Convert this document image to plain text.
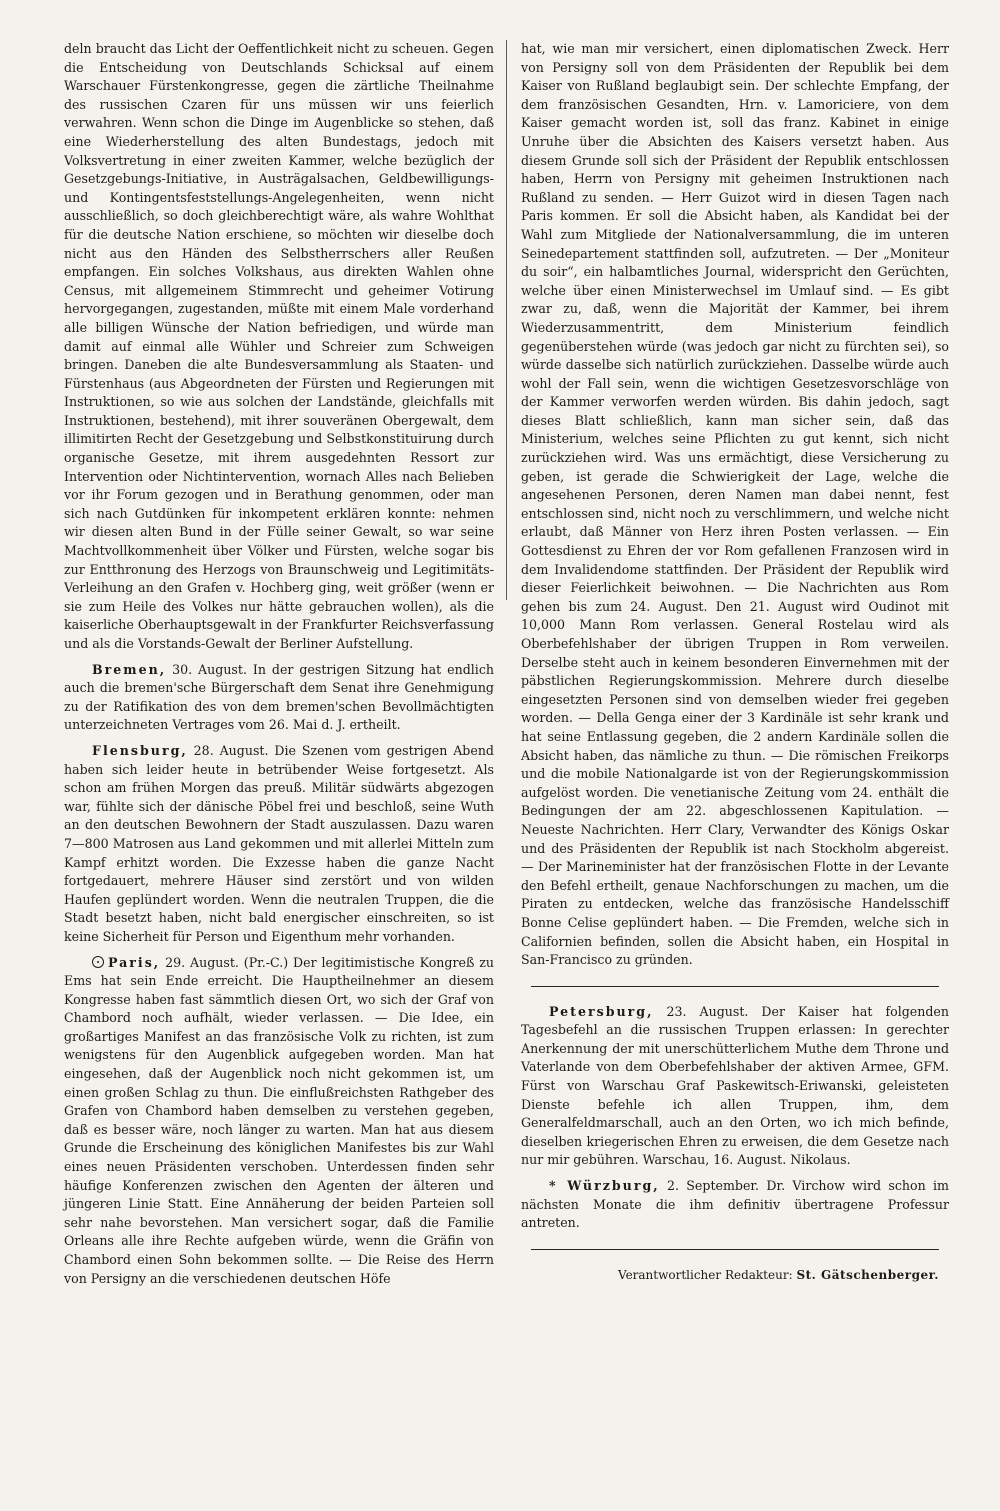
deln braucht das Licht der Oeffentlichkeit nicht zu scheuen. Gegen die Entscheidung von Deutschlands Schicksal auf einem Warschauer Fürstenkongresse, gegen die zärtliche Theilnahme des russischen Czaren für uns müssen wir uns feierlich verwahren. Wenn schon die Dinge im Augenblicke so stehen, daß eine Wiederherstellung des alten Bundestags, jedoch mit Volksvertretung in einer zweiten Kammer, welche bezüglich der Gesetzgebungs-Initiative, in Austrägalsachen, Geldbewilligungs- und Kontingentsfeststellungs-Angelegenheiten, wenn nicht ausschließlich, so doch gleichberechtigt wäre, als wahre Wohlthat für die deutsche Nation erschiene, so möchten wir dieselbe doch nicht aus den Händen des Selbstherrschers aller Reußen empfangen. Ein solches Volkshaus, aus direkten Wahlen ohne Census, mit allgemeinem Stimmrecht und geheimer Votirung hervorgegangen, zugestanden, müßte mit einem Male vorderhand alle billigen Wünsche der Nation befriedigen, und würde man damit auf einmal alle Wühler und Schreier zum Schweigen bringen. Daneben die alte Bundesversammlung als Staaten- und Fürstenhaus (aus Abgeordneten der Fürsten und Regierungen mit Instruktionen, so wie aus solchen der Landstände, gleichfalls mit Instruktionen, bestehend), mit ihrer souveränen Obergewalt, dem illimitirten Recht der Gesetzgebung und Selbstkonstituirung durch organische Gesetze, mit ihrem ausgedehnten Ressort zur Intervention oder Nichtintervention, wornach Alles nach Belieben vor ihr Forum gezogen und in Berathung genommen, oder man sich nach Gutdünken für inkompetent erklären konnte: nehmen wir diesen alten Bund in der Fülle seiner Gewalt, so war seine Machtvollkommenheit über Völker und Fürsten, welche sogar bis zur Entthronung des Herzogs von Braunschweig und Legitimitäts-Verleihung an den Grafen v. Hochberg ging, weit größer (wenn er sie zum Heile des Volkes nur hätte gebrauchen wollen), als die kaiserliche Oberhauptsgewalt in der Frankfurter Reichsverfassung und als die Vorstands-Gewalt der Berliner Aufstellung.

Bremen, 30. August. In der gestrigen Sitzung hat endlich auch die bremen'sche Bürgerschaft dem Senat ihre Genehmigung zu der Ratifikation des von dem bremen'schen Bevollmächtigten unterzeichneten Vertrages vom 26. Mai d. J. ertheilt.

Flensburg, 28. August. Die Szenen vom gestrigen Abend haben sich leider heute in betrübender Weise fortgesetzt. Als schon am frühen Morgen das preuß. Militär südwärts abgezogen war, fühlte sich der dänische Pöbel frei und beschloß, seine Wuth an den deutschen Bewohnern der Stadt auszulassen. Dazu waren 7—800 Matrosen aus Land gekommen und mit allerlei Mitteln zum Kampf erhitzt worden. Die Exzesse haben die ganze Nacht fortgedauert, mehrere Häuser sind zerstört und von wilden Haufen geplündert worden. Wenn die neutralen Truppen, die die Stadt besetzt haben, nicht bald energischer einschreiten, so ist keine Sicherheit für Person und Eigenthum mehr vorhanden.

Paris, 29. August. (Pr.-C.) Der legitimistische Kongreß zu Ems hat sein Ende erreicht. Die Hauptheilnehmer an diesem Kongresse haben fast sämmtlich diesen Ort, wo sich der Graf von Chambord noch aufhält, wieder verlassen. — Die Idee, ein großartiges Manifest an das französische Volk zu richten, ist zum wenigstens für den Augenblick aufgegeben worden. Man hat eingesehen, daß der Augenblick noch nicht gekommen ist, um einen großen Schlag zu thun. Die einflußreichsten Rathgeber des Grafen von Chambord haben demselben zu verstehen gegeben, daß es besser wäre, noch länger zu warten. Man hat aus diesem Grunde die Erscheinung des königlichen Manifestes bis zur Wahl eines neuen Präsidenten verschoben. Unterdessen finden sehr häufige Konferenzen zwischen den Agenten der älteren und jüngeren Linie Statt. Eine Annäherung der beiden Parteien soll sehr nahe bevorstehen. Man versichert sogar, daß die Familie Orleans alle ihre Rechte aufgeben würde, wenn die Gräfin von Chambord einen Sohn bekommen sollte. — Die Reise des Herrn von Persigny an die verschiedenen deutschen Höfe

hat, wie man mir versichert, einen diplomatischen Zweck. Herr von Persigny soll von dem Präsidenten der Republik bei dem Kaiser von Rußland beglaubigt sein. Der schlechte Empfang, der dem französischen Gesandten, Hrn. v. Lamoriciere, von dem Kaiser gemacht worden ist, soll das franz. Kabinet in einige Unruhe über die Absichten des Kaisers versetzt haben. Aus diesem Grunde soll sich der Präsident der Republik entschlossen haben, Herrn von Persigny mit geheimen Instruktionen nach Rußland zu senden. — Herr Guizot wird in diesen Tagen nach Paris kommen. Er soll die Absicht haben, als Kandidat bei der Wahl zum Mitgliede der Nationalversammlung, die im unteren Seinedepartement stattfinden soll, aufzutreten. — Der „Moniteur du soir“, ein halbamtliches Journal, widerspricht den Gerüchten, welche über einen Ministerwechsel im Umlauf sind. — Es gibt zwar zu, daß, wenn die Majorität der Kammer, bei ihrem Wiederzusammentritt, dem Ministerium feindlich gegenüberstehen würde (was jedoch gar nicht zu fürchten sei), so würde dasselbe sich natürlich zurückziehen. Dasselbe würde auch wohl der Fall sein, wenn die wichtigen Gesetzesvorschläge von der Kammer verworfen werden würden. Bis dahin jedoch, sagt dieses Blatt schließlich, kann man sicher sein, daß das Ministerium, welches seine Pflichten zu gut kennt, sich nicht zurückziehen wird. Was uns ermächtigt, diese Versicherung zu geben, ist gerade die Schwierigkeit der Lage, welche die angesehenen Personen, deren Namen man dabei nennt, fest entschlossen sind, nicht noch zu verschlimmern, und welche nicht erlaubt, daß Männer von Herz ihren Posten verlassen. — Ein Gottesdienst zu Ehren der vor Rom gefallenen Franzosen wird in dem Invalidendome stattfinden. Der Präsident der Republik wird dieser Feierlichkeit beiwohnen. — Die Nachrichten aus Rom gehen bis zum 24. August. Den 21. August wird Oudinot mit 10,000 Mann Rom verlassen. General Rostelau wird als Oberbefehlshaber der übrigen Truppen in Rom verweilen. Derselbe steht auch in keinem besonderen Einvernehmen mit der päbstlichen Regierungskommission. Mehrere durch dieselbe eingesetzten Personen sind von demselben wieder frei gegeben worden. — Della Genga einer der 3 Kardinäle ist sehr krank und hat seine Entlassung gegeben, die 2 andern Kardinäle sollen die Absicht haben, das nämliche zu thun. — Die römischen Freikorps und die mobile Nationalgarde ist von der Regierungskommission aufgelöst worden. Die venetianische Zeitung vom 24. enthält die Bedingungen der am 22. abgeschlossenen Kapitulation. — Neueste Nachrichten. Herr Clary, Verwandter des Königs Oskar und des Präsidenten der Republik ist nach Stockholm abgereist. — Der Marineminister hat der französischen Flotte in der Levante den Befehl ertheilt, genaue Nachforschungen zu machen, um die Piraten zu entdecken, welche das französische Handelsschiff Bonne Celise geplündert haben. — Die Fremden, welche sich in Californien befinden, sollen die Absicht haben, ein Hospital in San-Francisco zu gründen.

Petersburg, 23. August. Der Kaiser hat folgenden Tagesbefehl an die russischen Truppen erlassen: In gerechter Anerkennung der mit unerschütterlichem Muthe dem Throne und Vaterlande von dem Oberbefehlshaber der aktiven Armee, GFM. Fürst von Warschau Graf Paskewitsch-Eriwanski, geleisteten Dienste befehle ich allen Truppen, ihm, dem Generalfeldmarschall, auch an den Orten, wo ich mich befinde, dieselben kriegerischen Ehren zu erweisen, die dem Gesetze nach nur mir gebühren. Warschau, 16. August. Nikolaus.

* Würzburg, 2. September. Dr. Virchow wird schon im nächsten Monate die ihm definitiv übertragene Professur antreten.

Verantwortlicher Redakteur: St. Gätschenberger.
